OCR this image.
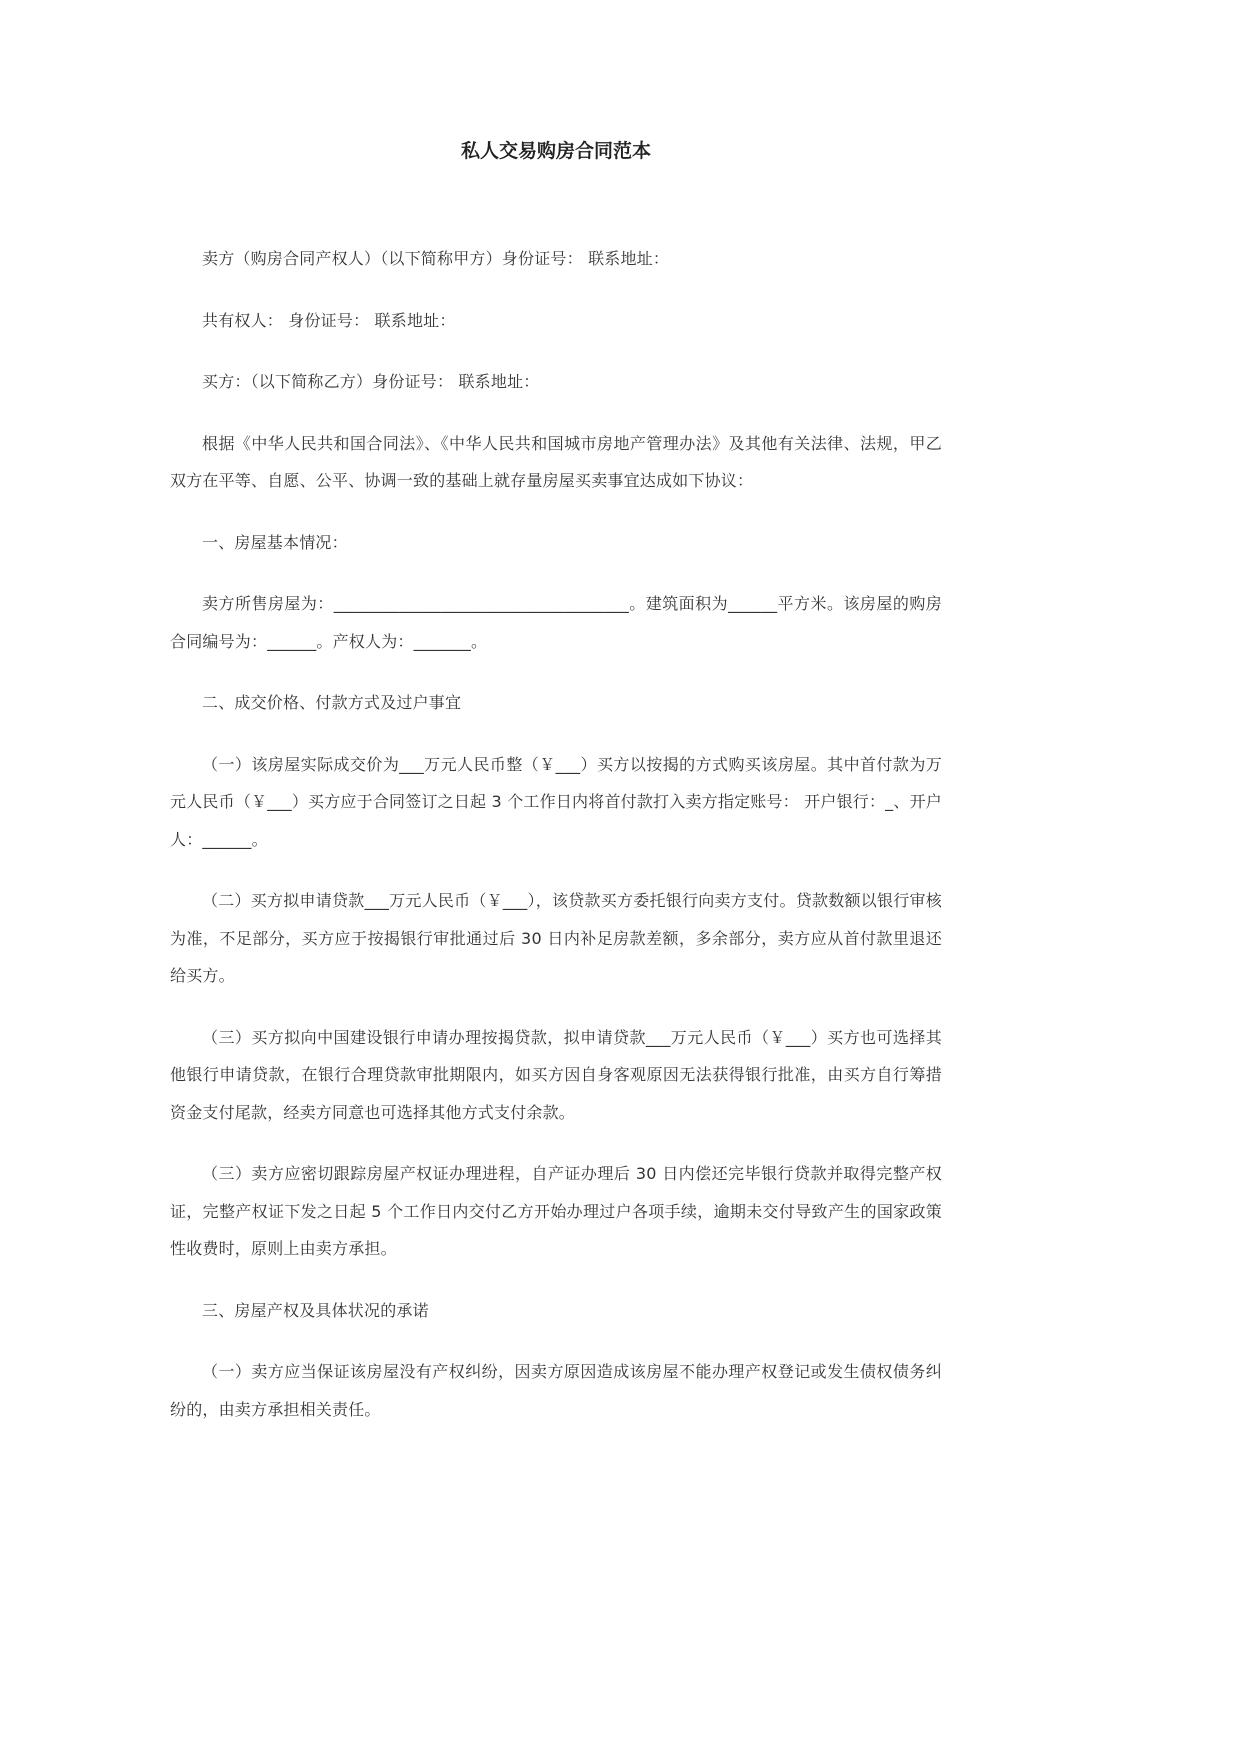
私人交易购房合同范本

卖方（购房合同产权人）（以下简称甲方）身份证号： 联系地址：

共有权人： 身份证号： 联系地址：

买方：（以下简称乙方）身份证号： 联系地址：

根据《中华人民共和国合同法》、《中华人民共和国城市房地产管理办法》及其他有关法律、法规，甲乙双方在平等、自愿、公平、协调一致的基础上就存量房屋买卖事宜达成如下协议：

一、房屋基本情况：

卖方所售房屋为：____________________________________。建筑面积为______平方米。该房屋的购房合同编号为：______。产权人为：_______。

二、成交价格、付款方式及过户事宜

（一）该房屋实际成交价为___万元人民币整（￥___）买方以按揭的方式购买该房屋。其中首付款为万元人民币（￥___）买方应于合同签订之日起 3 个工作日内将首付款打入卖方指定账号： 开户银行：_、开户人：______。

（二）买方拟申请贷款___万元人民币（￥___），该贷款买方委托银行向卖方支付。贷款数额以银行审核为准，不足部分，买方应于按揭银行审批通过后 30 日内补足房款差额，多余部分，卖方应从首付款里退还给买方。

（三）买方拟向中国建设银行申请办理按揭贷款，拟申请贷款___万元人民币（￥___）买方也可选择其他银行申请贷款，在银行合理贷款审批期限内，如买方因自身客观原因无法获得银行批准，由买方自行筹措资金支付尾款，经卖方同意也可选择其他方式支付余款。

（三）卖方应密切跟踪房屋产权证办理进程，自产证办理后 30 日内偿还完毕银行贷款并取得完整产权证，完整产权证下发之日起 5 个工作日内交付乙方开始办理过户各项手续，逾期未交付导致产生的国家政策性收费时，原则上由卖方承担。

三、房屋产权及具体状况的承诺

（一）卖方应当保证该房屋没有产权纠纷，因卖方原因造成该房屋不能办理产权登记或发生债权债务纠纷的，由卖方承担相关责任。
